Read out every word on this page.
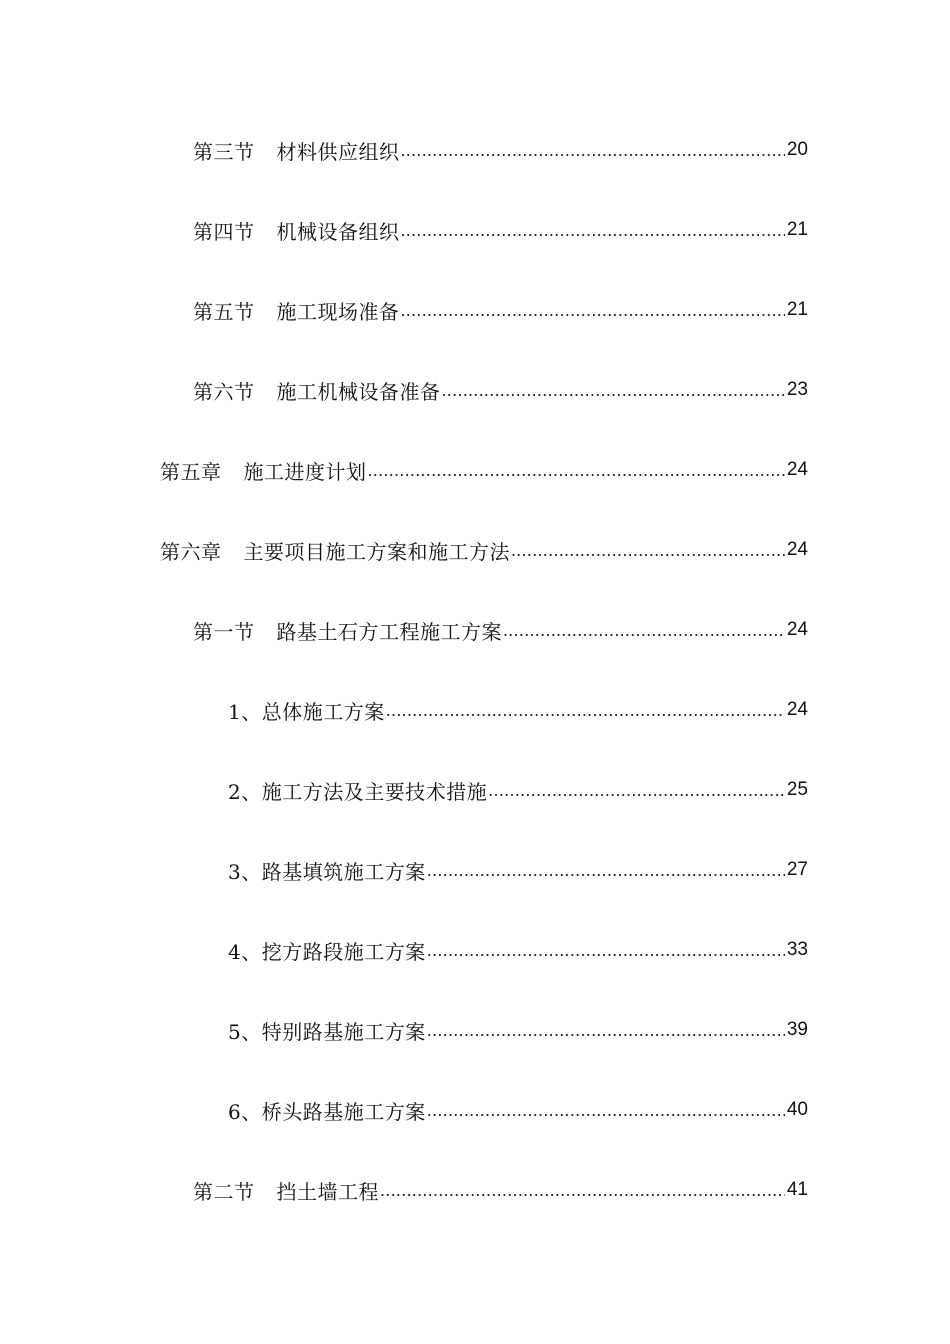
第三节 材料供应组织 .....	20
第四节 机械设备组织 .....	21
第五节 施工现场准备 .....	21
第六节 施工机械设备准备 .....	23
第五章 施工进度计划 .....	24
第六章 主要项目施工方案和施工方法 .....	24
第一节 路基土石方工程施工方案 .....	24
1、总体施工方案 .....	24
2、施工方法及主要技术措施 .....	25
3、路基填筑施工方案 .....	27
4、挖方路段施工方案 .....	33
5、特别路基施工方案 .....	39
6、桥头路基施工方案 .....	40
第二节 挡土墙工程 .....	41
